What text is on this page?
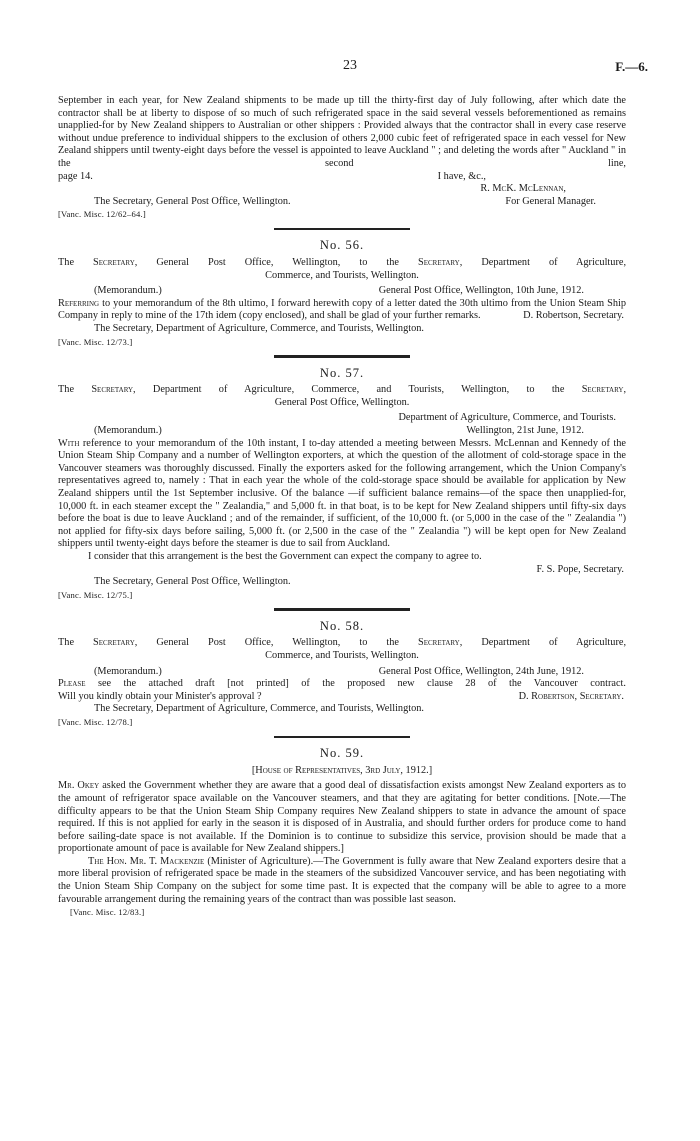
23	F.—6.
September in each year, for New Zealand shipments to be made up till the thirty-first day of July following, after which date the contractor shall be at liberty to dispose of so much of such refrigerated space in the said several vessels beforementioned as remains unapplied-for by New Zealand shippers to Australian or other shippers : Provided always that the contractor shall in every case reserve without undue preference to individual shippers to the exclusion of others 2,000 cubic feet of refrigerated space in each vessel for New Zealand shippers until twenty-eight days before the vessel is appointed to leave Auckland " ; and deleting the words after " Auckland " in the second line,
page 14.	I have, &c.,
R. McK. McLennan,
The Secretary, General Post Office, Wellington.	For General Manager.
[Vanc. Misc. 12/62–64.]
No. 56.
The Secretary, General Post Office, Wellington, to the Secretary, Department of Agriculture,
Commerce, and Tourists, Wellington.
(Memorandum.)	General Post Office, Wellington, 10th June, 1912.
Referring to your memorandum of the 8th ultimo, I forward herewith copy of a letter dated the 30th ultimo from the Union Steam Ship Company in reply to mine of the 17th idem (copy enclosed), and shall be glad of your further remarks.	D. Robertson, Secretary.
The Secretary, Department of Agriculture, Commerce, and Tourists, Wellington.
[Vanc. Misc. 12/73.]
No. 57.
The Secretary, Department of Agriculture, Commerce, and Tourists, Wellington, to the Secretary,
General Post Office, Wellington.
Department of Agriculture, Commerce, and Tourists.
(Memorandum.)	Wellington, 21st June, 1912.
With reference to your memorandum of the 10th instant, I to-day attended a meeting between Messrs. McLennan and Kennedy of the Union Steam Ship Company and a number of Wellington exporters, at which the question of the allotment of cold-storage space in the Vancouver steamers was thoroughly discussed. Finally the exporters asked for the following arrangement, which the Union Company's representatives agreed to, namely : That in each year the whole of the cold-storage space should be available for application by New Zealand shippers until the 1st September inclusive. Of the balance —if sufficient balance remains—of the space then unapplied-for, 10,000 ft. in each steamer except the " Zealandia," and 5,000 ft. in that boat, is to be kept for New Zealand shippers until fifty-six days before the boat is due to leave Auckland ; and of the remainder, if sufficient, of the 10,000 ft. (or 5,000 in the case of the " Zealandia ") not applied for fifty-six days before sailing, 5,000 ft. (or 2,500 in the case of the " Zealandia ") will be kept open for New Zealand shippers until twenty-eight days before the steamer is due to sail from Auckland.
I consider that this arrangement is the best the Government can expect the company to agree to.
F. S. Pope, Secretary.
The Secretary, General Post Office, Wellington.
[Vanc. Misc. 12/75.]
No. 58.
The Secretary, General Post Office, Wellington, to the Secretary, Department of Agriculture,
Commerce, and Tourists, Wellington.
(Memorandum.)	General Post Office, Wellington, 24th June, 1912.
Please see the attached draft [not printed] of the proposed new clause 28 of the Vancouver contract.
Will you kindly obtain your Minister's approval ?	D. Robertson, Secretary.
The Secretary, Department of Agriculture, Commerce, and Tourists, Wellington.
[Vanc. Misc. 12/78.]
No. 59.
[House of Representatives, 3rd July, 1912.]
Mr. Okey asked the Government whether they are aware that a good deal of dissatisfaction exists amongst New Zealand exporters as to the amount of refrigerator space available on the Vancouver steamers, and that they are agitating for better conditions. [Note.—The difficulty appears to be that the Union Steam Ship Company requires New Zealand shippers to state in advance the amount of space required. If this is not applied for early in the season it is disposed of in Australia, and should further orders for produce come to hand before sailing-date space is not available. If the Dominion is to continue to subsidize this service, provision should be made that a proportionate amount of pace is available for New Zealand shippers.]
The Hon. Mr. T. Mackenzie (Minister of Agriculture).—The Government is fully aware that New Zealand exporters desire that a more liberal provision of refrigerated space be made in the steamers of the subsidized Vancouver service, and has been negotiating with the Union Steam Ship Company on the subject for some time past. It is expected that the company will be able to agree to a more favourable arrangement during the remaining years of the contract than was possible last season.
[Vanc. Misc. 12/83.]
